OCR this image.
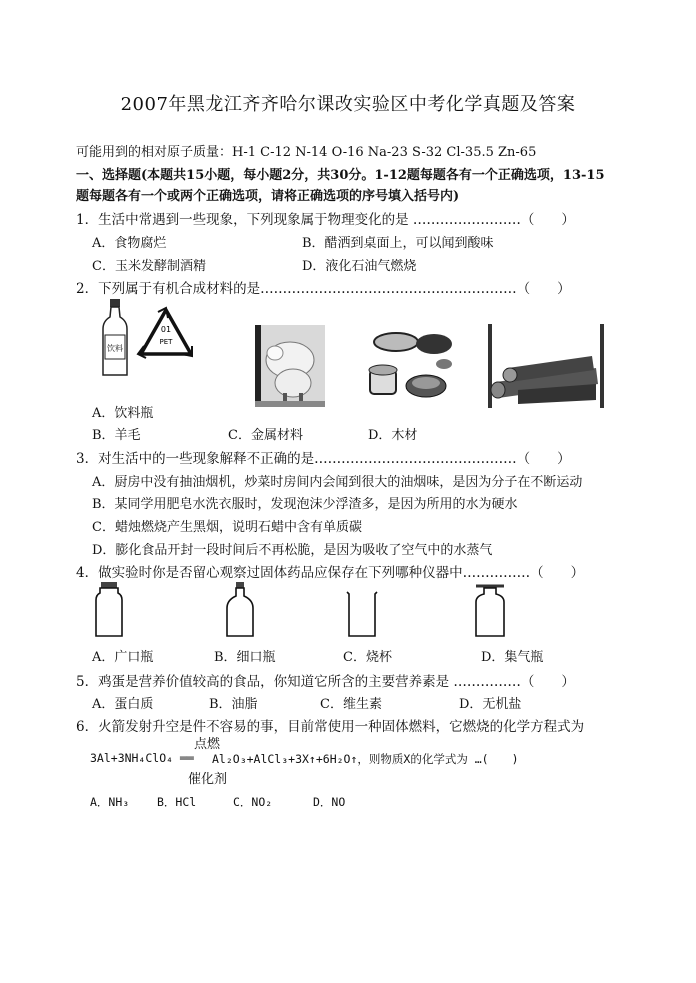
2007年黑龙江齐齐哈尔课改实验区中考化学真题及答案
可能用到的相对原子质量：H-1 C-12 N-14 O-16 Na-23 S-32 Cl-35.5 Zn-65
一、选择题(本题共15小题，每小题2分，共30分。1-12题每题各有一个正确选项，13-15
题每题各有一个或两个正确选项，请将正确选项的序号填入括号内)
1．生活中常遇到一些现象，下列现象属于物理变化的是 ……………………（　　）
A．食物腐烂	B．醋洒到桌面上，可以闻到酸味
C．玉米发酵制酒精	D．液化石油气燃烧
2．下列属于有机合成材料的是…………………………………………………（　　）
饮料
01
PET
A．饮料瓶
B．羊毛	C．金属材料	D．木材
3．对生活中的一些现象解释不正确的是………………………………………（　　）
A．厨房中没有抽油烟机，炒菜时房间内会闻到很大的油烟味，是因为分子在不断运动
B．某同学用肥皂水洗衣服时，发现泡沫少浮渣多，是因为所用的水为硬水
C．蜡烛燃烧产生黑烟，说明石蜡中含有单质碳
D．膨化食品开封一段时间后不再松脆，是因为吸收了空气中的水蒸气
4．做实验时你是否留心观察过固体药品应保存在下列哪种仪器中……………（　　）
A．广口瓶	B．细口瓶	C．烧杯	D．集气瓶
5．鸡蛋是营养价值较高的食品，你知道它所含的主要营养素是 ……………（　　）
A．蛋白质	B．油脂	C．维生素	D．无机盐
6．火箭发射升空是件不容易的事，目前常使用一种固体燃料，它燃烧的化学方程式为
点燃
3Al+3NH₄ClO₄ ══ Al₂O₃+AlCl₃+3X↑+6H₂O↑，则物质X的化学式为 …(　　)
催化剂
A．NH₃ B．HCl	C．NO₂	D．NO
